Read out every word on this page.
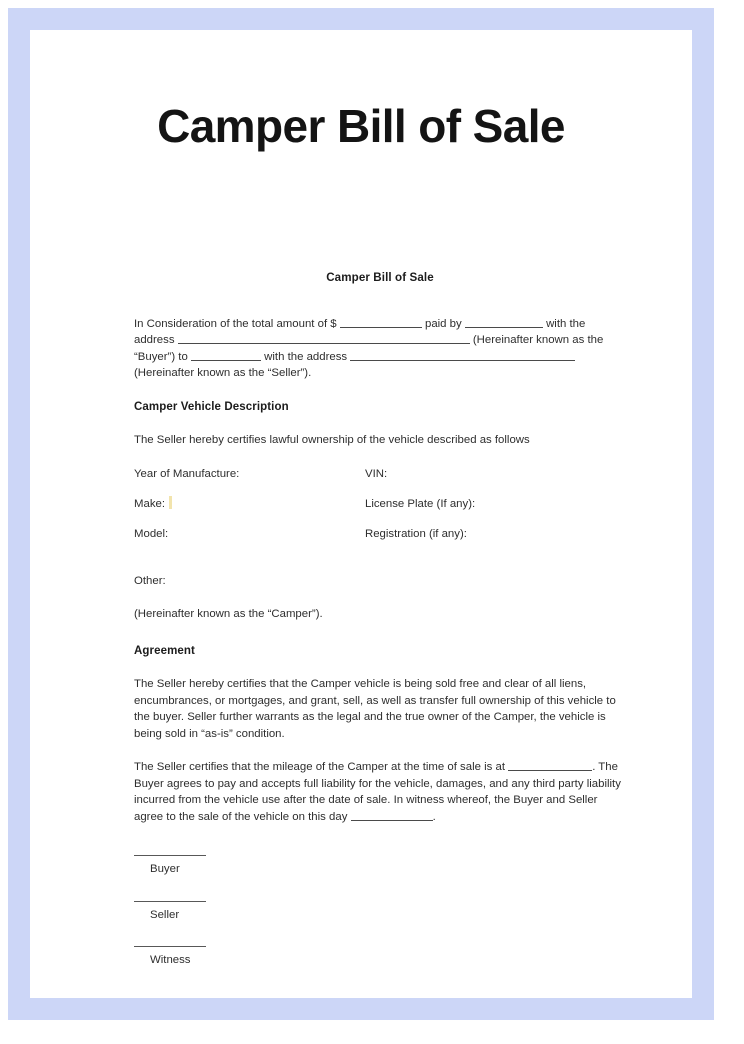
Camper Bill of Sale
Camper Bill of Sale

In Consideration of the total amount of $	paid by	with the address	(Hereinafter known as the “Buyer”) to	with the address  (Hereinafter known as the “Seller”).

Camper Vehicle Description

The Seller hereby certifies lawful ownership of the vehicle described as follows

Year of Manufacture:	VIN:
Make:	License Plate (If any):
Model:	Registration (if any):

Other:

(Hereinafter known as the “Camper”).

Agreement

The Seller hereby certifies that the Camper vehicle is being sold free and clear of all liens, encumbrances, or mortgages, and grant, sell, as well as transfer full ownership of this vehicle to the buyer. Seller further warrants as the legal and the true owner of the Camper, the vehicle is being sold in “as-is” condition.

The Seller certifies that the mileage of the Camper at the time of sale is at	. The Buyer agrees to pay and accepts full liability for the vehicle, damages, and any third party liability incurred from the vehicle use after the date of sale. In witness whereof, the Buyer and Seller agree to the sale of the vehicle on this day	.

Buyer
Seller
Witness
